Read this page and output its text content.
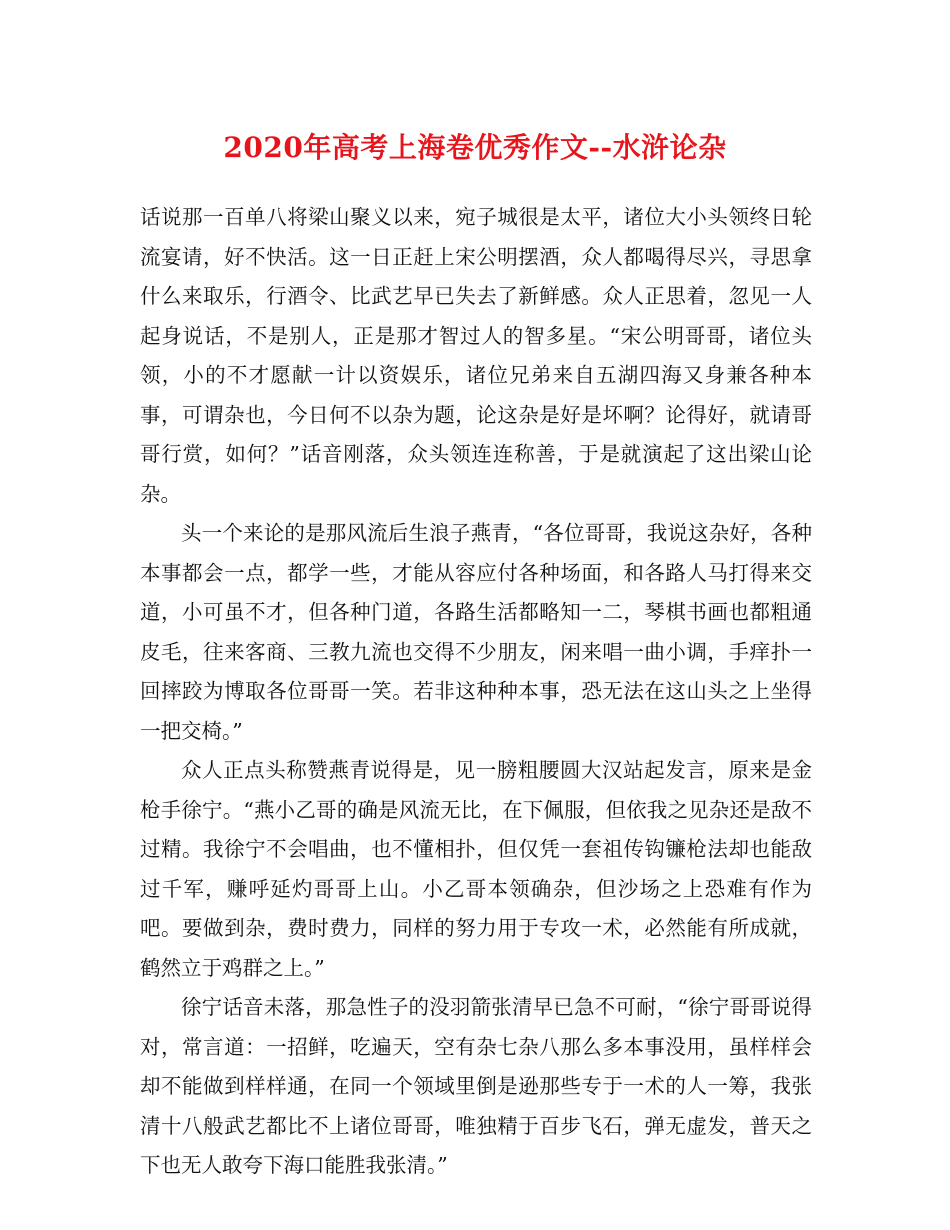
2020年高考上海卷优秀作文--水浒论杂

话说那一百单八将梁山聚义以来，宛子城很是太平，诸位大小头领终日轮流宴请，好不快活。这一日正赶上宋公明摆酒，众人都喝得尽兴，寻思拿什么来取乐，行酒令、比武艺早已失去了新鲜感。众人正思着，忽见一人起身说话，不是别人，正是那才智过人的智多星。“宋公明哥哥，诸位头领，小的不才愿献一计以资娱乐，诸位兄弟来自五湖四海又身兼各种本事，可谓杂也，今日何不以杂为题，论这杂是好是坏啊？论得好，就请哥哥行赏，如何？”话音刚落，众头领连连称善，于是就演起了这出梁山论杂。

头一个来论的是那风流后生浪子燕青，“各位哥哥，我说这杂好，各种本事都会一点，都学一些，才能从容应付各种场面，和各路人马打得来交道，小可虽不才，但各种门道，各路生活都略知一二，琴棋书画也都粗通皮毛，往来客商、三教九流也交得不少朋友，闲来唱一曲小调，手痒扑一回摔跤为博取各位哥哥一笑。若非这种种本事，恐无法在这山头之上坐得一把交椅。”

众人正点头称赞燕青说得是，见一膀粗腰圆大汉站起发言，原来是金枪手徐宁。“燕小乙哥的确是风流无比，在下佩服，但依我之见杂还是敌不过精。我徐宁不会唱曲，也不懂相扑，但仅凭一套祖传钩镰枪法却也能敌过千军，赚呼延灼哥哥上山。小乙哥本领确杂，但沙场之上恐难有作为吧。要做到杂，费时费力，同样的努力用于专攻一术，必然能有所成就，鹤然立于鸡群之上。”

徐宁话音未落，那急性子的没羽箭张清早已急不可耐，“徐宁哥哥说得对，常言道：一招鲜，吃遍天，空有杂七杂八那么多本事没用，虽样样会却不能做到样样通，在同一个领域里倒是逊那些专于一术的人一筹，我张清十八般武艺都比不上诸位哥哥，唯独精于百步飞石，弹无虚发，普天之下也无人敢夸下海口能胜我张清。”
